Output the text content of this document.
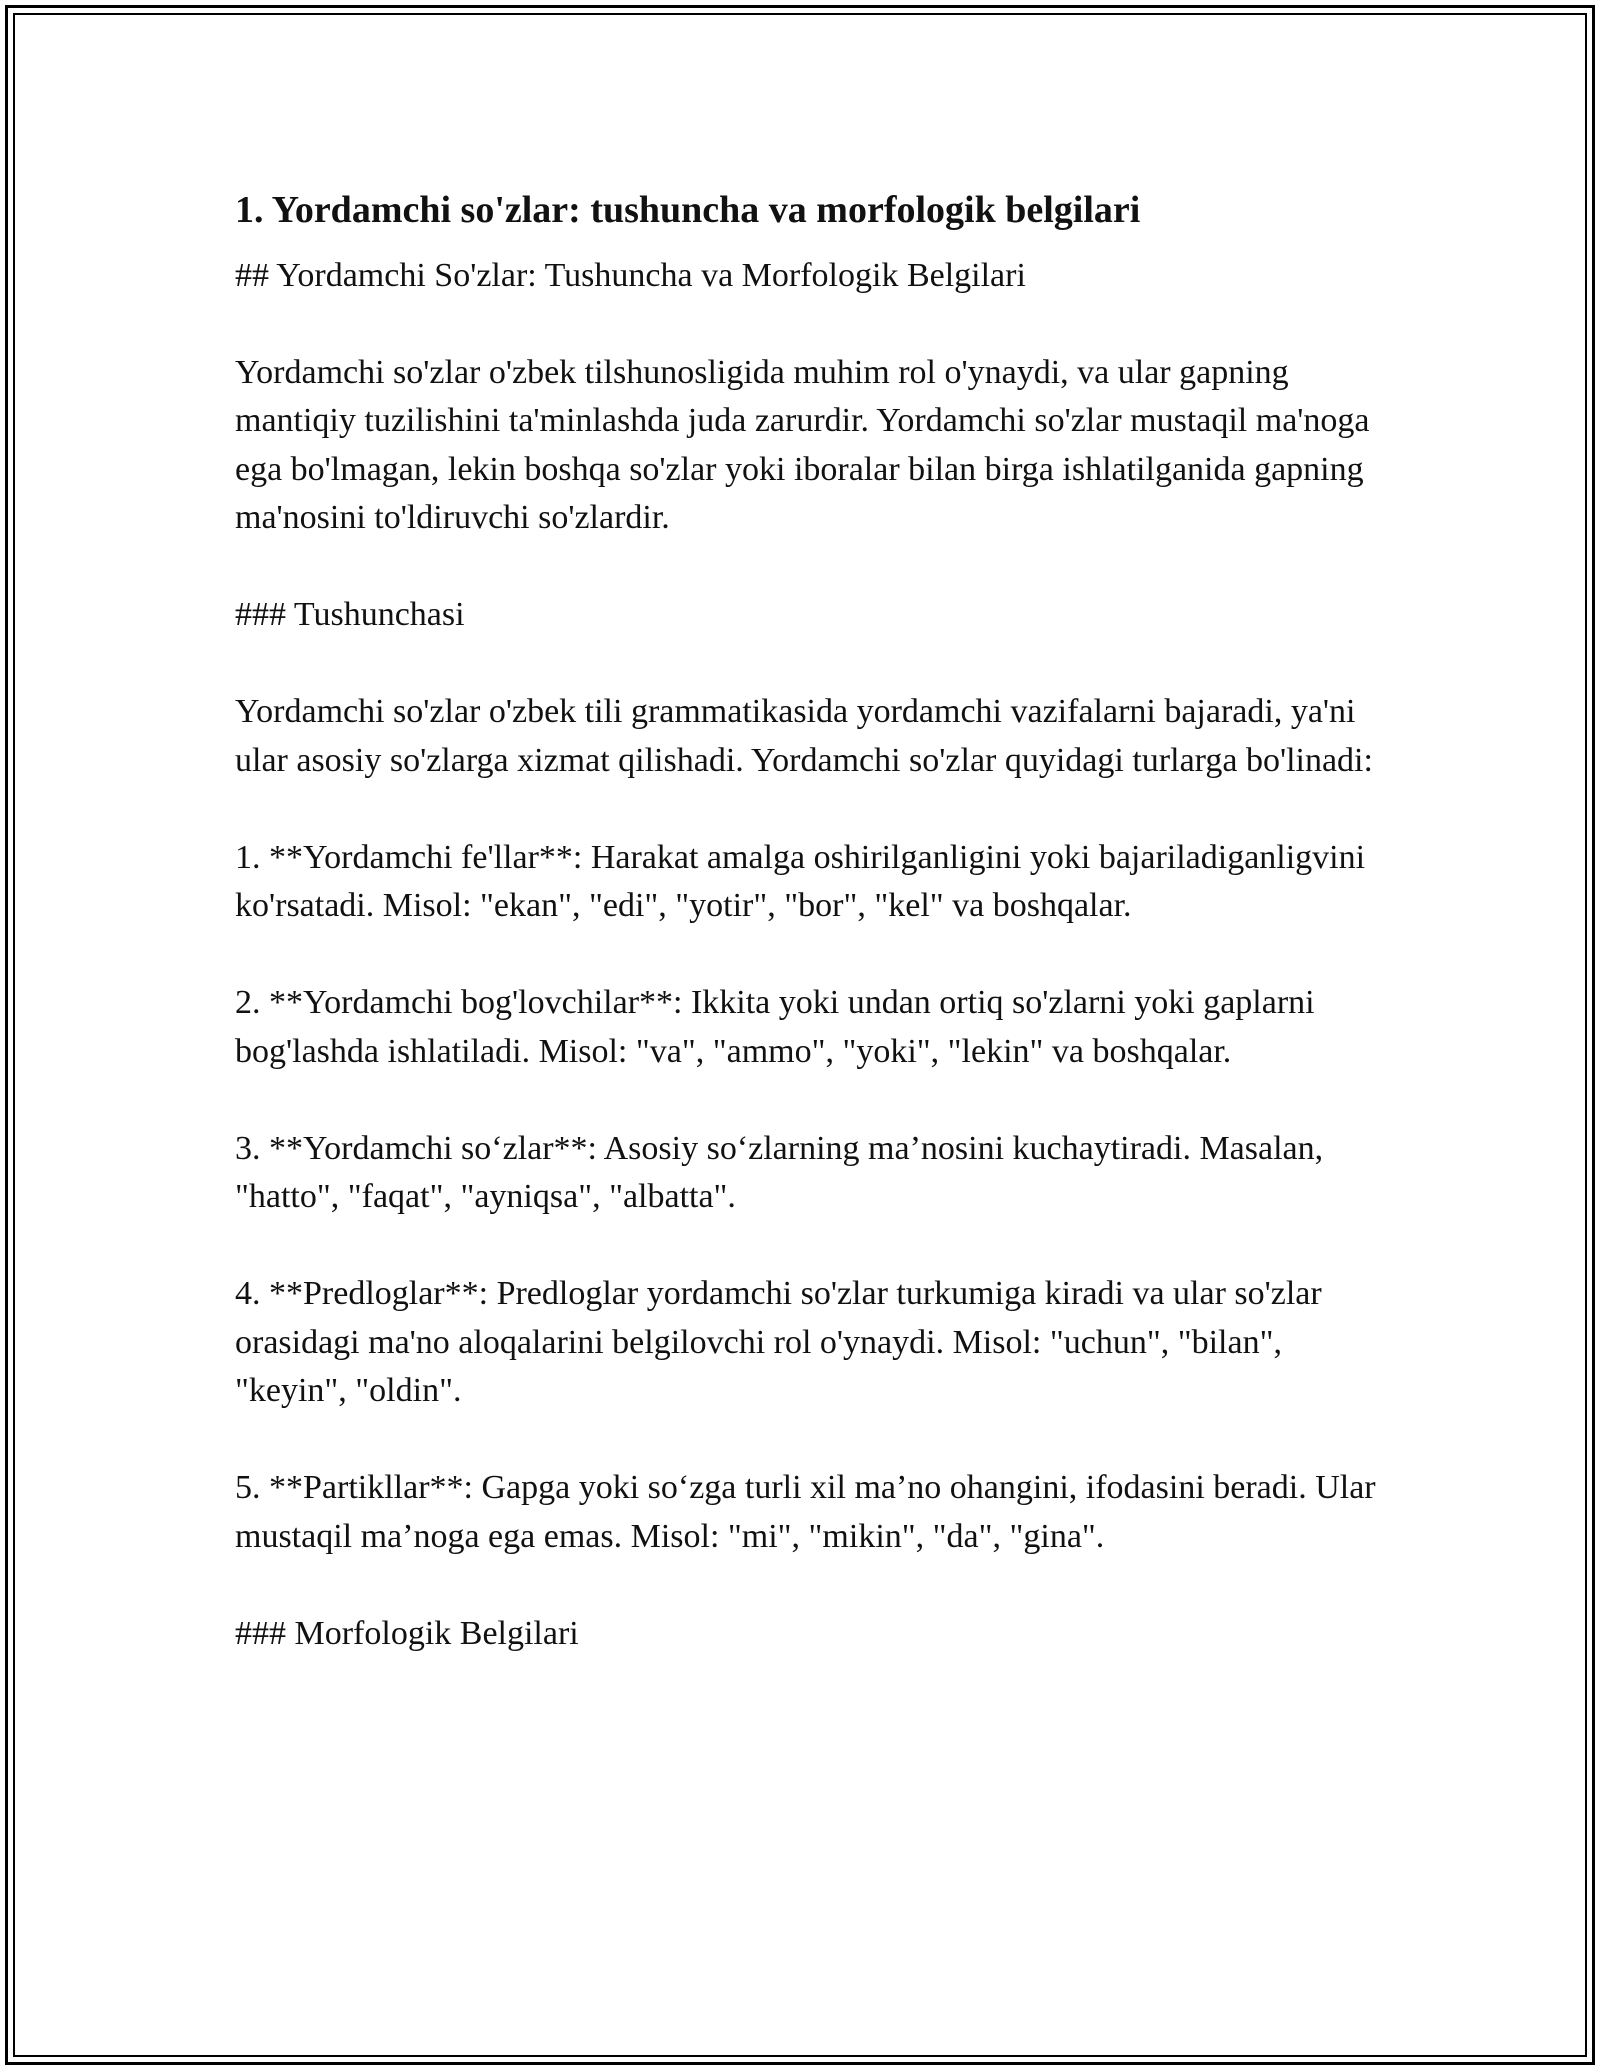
1. Yordamchi so'zlar: tushuncha va morfologik belgilari

## Yordamchi So'zlar: Tushuncha va Morfologik Belgilari

Yordamchi so'zlar o'zbek tilshunosligida muhim rol o'ynaydi, va ular gapning mantiqiy tuzilishini ta'minlashda juda zarurdir. Yordamchi so'zlar mustaqil ma'noga ega bo'lmagan, lekin boshqa so'zlar yoki iboralar bilan birga ishlatilganida gapning ma'nosini to'ldiruvchi so'zlardir.

### Tushunchasi

Yordamchi so'zlar o'zbek tili grammatikasida yordamchi vazifalarni bajaradi, ya'ni ular asosiy so'zlarga xizmat qilishadi. Yordamchi so'zlar quyidagi turlarga bo'linadi:

1. **Yordamchi fe'llar**: Harakat amalga oshirilganligini yoki bajariladiganligvini ko'rsatadi. Misol: "ekan", "edi", "yotir", "bor", "kel" va boshqalar.

2. **Yordamchi bog'lovchilar**: Ikkita yoki undan ortiq so'zlarni yoki gaplarni bog'lashda ishlatiladi. Misol: "va", "ammo", "yoki", "lekin" va boshqalar.

3. **Yordamchi so‘zlar**: Asosiy so‘zlarning ma’nosini kuchaytiradi. Masalan, "hatto", "faqat", "ayniqsa", "albatta".

4. **Predloglar**: Predloglar yordamchi so'zlar turkumiga kiradi va ular so'zlar orasidagi ma'no aloqalarini belgilovchi rol o'ynaydi. Misol: "uchun", "bilan", "keyin", "oldin".

5. **Partikllar**: Gapga yoki so‘zga turli xil ma’no ohangini, ifodasini beradi. Ular mustaqil ma’noga ega emas. Misol: "mi", "mikin", "da", "gina".

### Morfologik Belgilari
